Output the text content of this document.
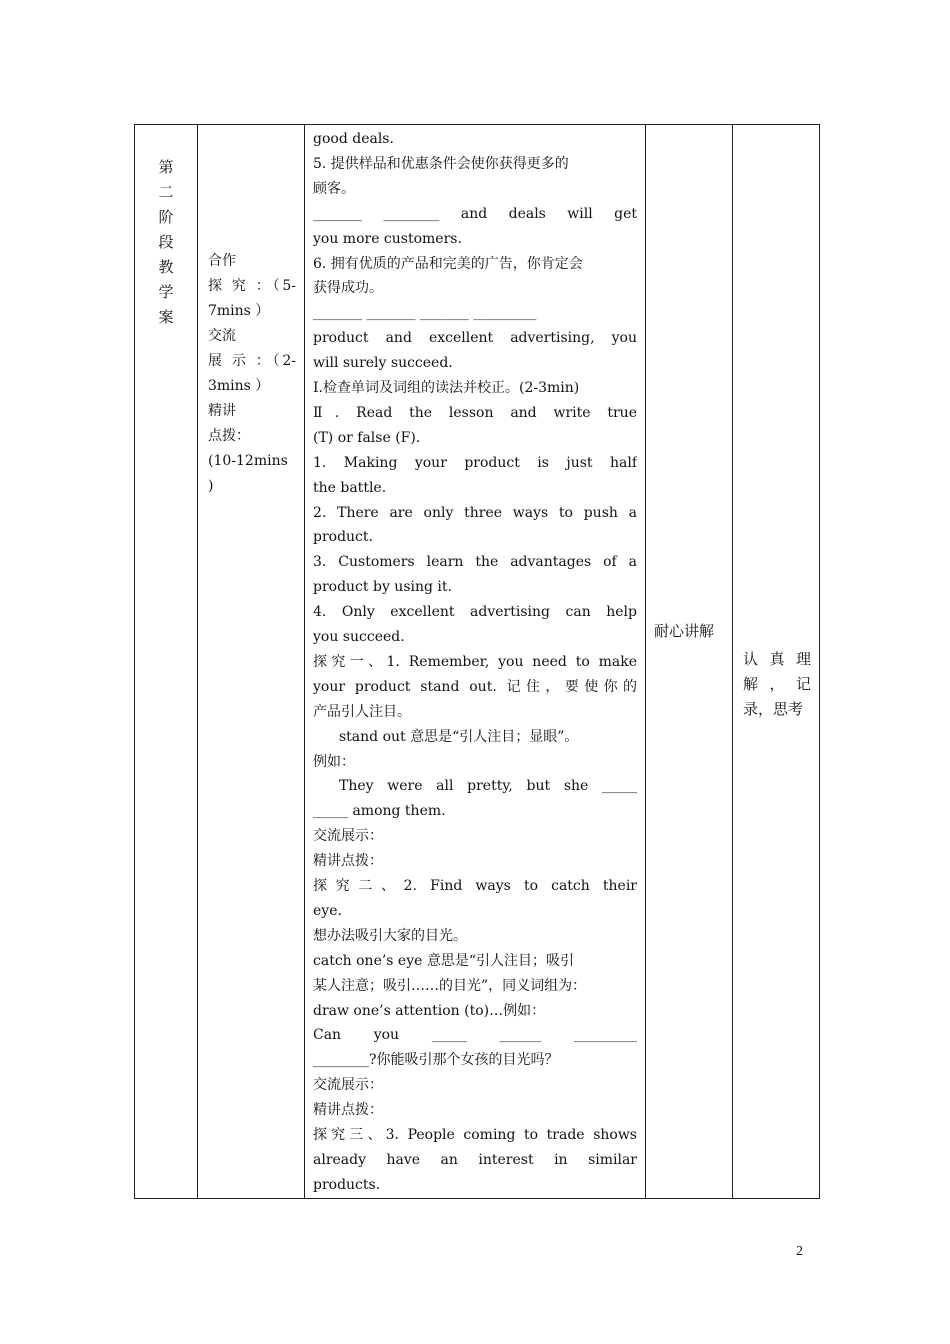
第
二
阶
段
教
学
案

合作
探 究 ：（5-
7mins ）
交流
展 示 ：（2-
3mins ）
精讲
点拨：
(10-12mins
)

good deals.
5. 提供样品和优惠条件会使你获得更多的
顾客。
_______ ________ and deals will get
you more customers.
6. 拥有优质的产品和完美的广告，你肯定会
获得成功。
_______ _______ _______ _________
product and excellent advertising, you
will surely succeed.
Ⅰ.检查单词及词组的读法并校正。(2-3min)
Ⅱ. Read the lesson and write true
(T) or false (F).
1. Making your product is just half
the battle.
2. There are only three ways to push a
product.
3. Customers learn the advantages of a
product by using it.
4. Only excellent advertising can help
you succeed.
探究一、1. Remember, you need to make
your product stand out. 记住，要使你的
产品引人注目。
stand out 意思是“引人注目；显眼”。
例如：
They were all pretty, but she _____
_____ among them.
交流展示：
精讲点拨：
探究二、2. Find ways to catch their
eye.
想办法吸引大家的目光。
catch one’s eye 意思是“引人注目；吸引
某人注意；吸引……的目光”，同义词组为：
draw one’s attention (to)…例如：
Can you _____ ______ _________
________?你能吸引那个女孩的目光吗？
交流展示：
精讲点拨：
探究三、3. People coming to trade shows
already have an interest in similar
products.

耐心讲解

认 真 理
解 ， 记
录，思考
2
